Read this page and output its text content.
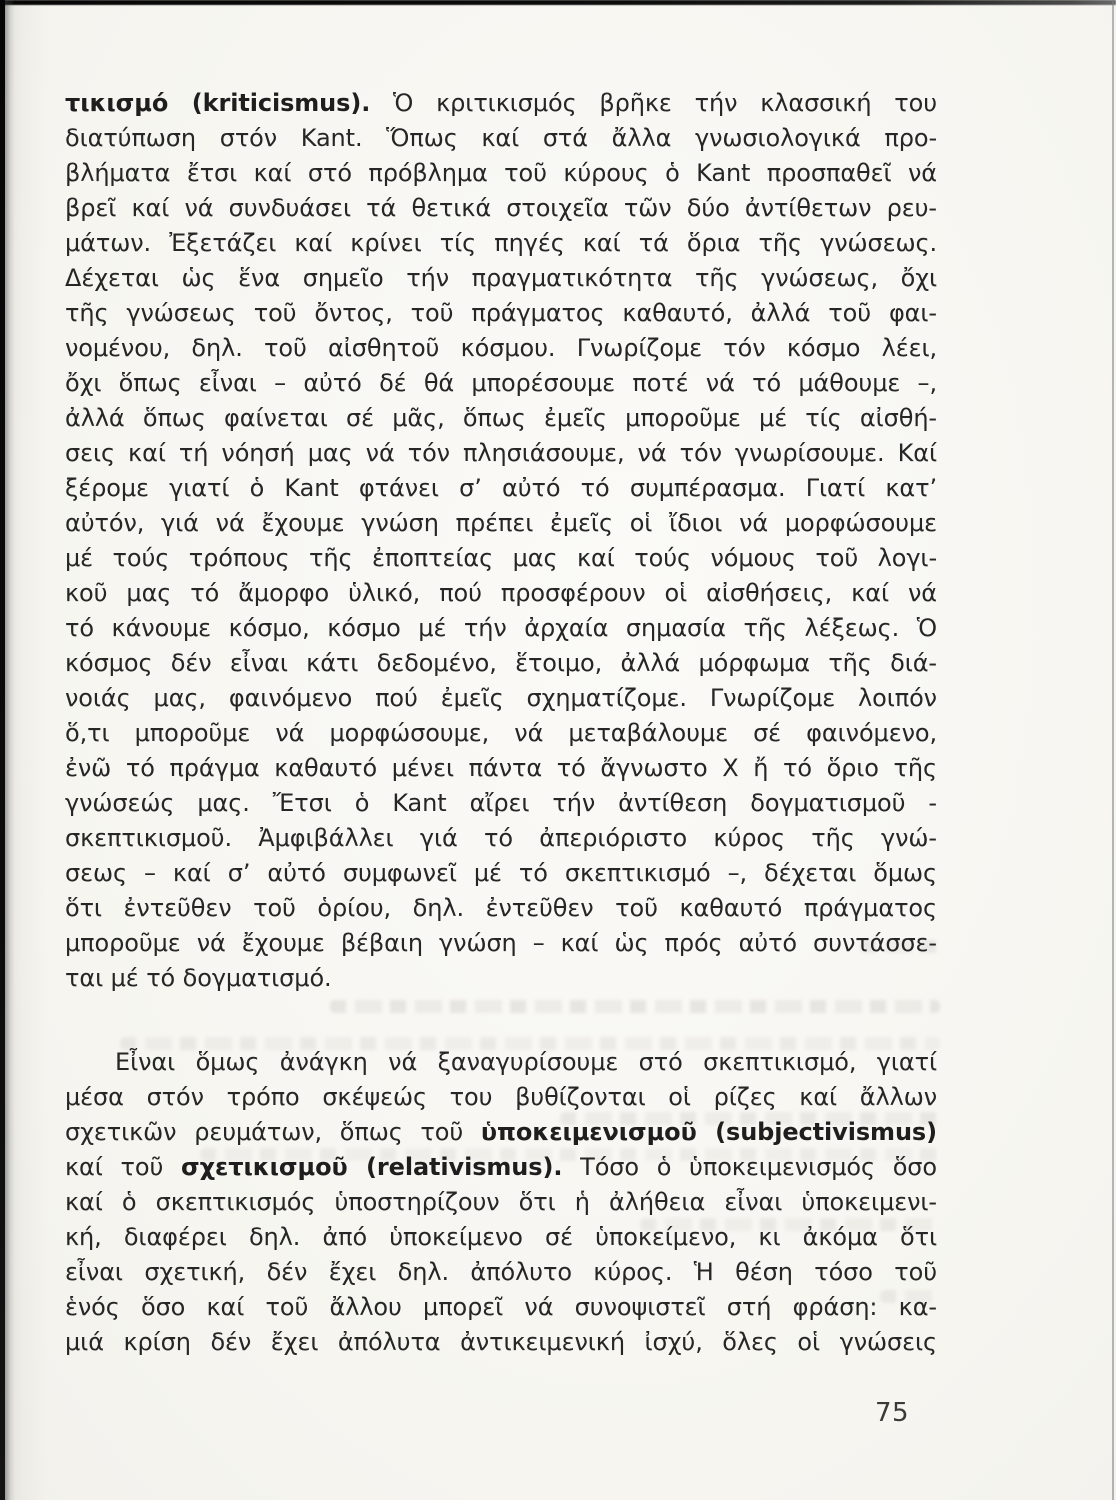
τικισμό (kriticismus). Ὁ κριτικισμός βρῆκε τήν κλασσική του
διατύπωση στόν Kant. Ὅπως καί στά ἄλλα γνωσιολογικά προ-
βλήματα ἔτσι καί στό πρόβλημα τοῦ κύρους ὁ Kant προσπαθεῖ νά
βρεῖ καί νά συνδυάσει τά θετικά στοιχεῖα τῶν δύο ἀντίθετων ρευ-
μάτων. Ἐξετάζει καί κρίνει τίς πηγές καί τά ὅρια τῆς γνώσεως.
Δέχεται ὡς ἕνα σημεῖο τήν πραγματικότητα τῆς γνώσεως, ὄχι
τῆς γνώσεως τοῦ ὄντος, τοῦ πράγματος καθαυτό, ἀλλά τοῦ φαι-
νομένου, δηλ. τοῦ αἰσθητοῦ κόσμου. Γνωρίζομε τόν κόσμο λέει,
ὄχι ὅπως εἶναι – αὐτό δέ θά μπορέσουμε ποτέ νά τό μάθουμε –,
ἀλλά ὅπως φαίνεται σέ μᾶς, ὅπως ἐμεῖς μποροῦμε μέ τίς αἰσθή-
σεις καί τή νόησή μας νά τόν πλησιάσουμε, νά τόν γνωρίσουμε. Καί
ξέρομε γιατί ὁ Kant φτάνει σ’ αὐτό τό συμπέρασμα. Γιατί κατ’
αὐτόν, γιά νά ἔχουμε γνώση πρέπει ἐμεῖς οἱ ἴδιοι νά μορφώσουμε
μέ τούς τρόπους τῆς ἐποπτείας μας καί τούς νόμους τοῦ λογι-
κοῦ μας τό ἄμορφο ὑλικό, πού προσφέρουν οἱ αἰσθήσεις, καί νά
τό κάνουμε κόσμο, κόσμο μέ τήν ἀρχαία σημασία τῆς λέξεως. Ὁ
κόσμος δέν εἶναι κάτι δεδομένο, ἕτοιμο, ἀλλά μόρφωμα τῆς διά-
νοιάς μας, φαινόμενο πού ἐμεῖς σχηματίζομε. Γνωρίζομε λοιπόν
ὅ,τι μποροῦμε νά μορφώσουμε, νά μεταβάλουμε σέ φαινόμενο,
ἐνῶ τό πράγμα καθαυτό μένει πάντα τό ἄγνωστο Χ ἤ τό ὅριο τῆς
γνώσεώς μας. Ἔτσι ὁ Kant αἴρει τήν ἀντίθεση δογματισμοῦ -
σκεπτικισμοῦ. Ἀμφιβάλλει γιά τό ἀπεριόριστο κύρος τῆς γνώ-
σεως – καί σ’ αὐτό συμφωνεῖ μέ τό σκεπτικισμό –, δέχεται ὅμως
ὅτι ἐντεῦθεν τοῦ ὁρίου, δηλ. ἐντεῦθεν τοῦ καθαυτό πράγματος
μποροῦμε νά ἔχουμε βέβαιη γνώση – καί ὡς πρός αὐτό συντάσσε-
ται μέ τό δογματισμό.
Εἶναι ὅμως ἀνάγκη νά ξαναγυρίσουμε στό σκεπτικισμό, γιατί
μέσα στόν τρόπο σκέψεώς του βυθίζονται οἱ ρίζες καί ἄλλων
σχετικῶν ρευμάτων, ὅπως τοῦ ὑποκειμενισμοῦ (subjectivismus)
καί τοῦ σχετικισμοῦ (relativismus). Τόσο ὁ ὑποκειμενισμός ὅσο
καί ὁ σκεπτικισμός ὑποστηρίζουν ὅτι ἡ ἀλήθεια εἶναι ὑποκειμενι-
κή, διαφέρει δηλ. ἀπό ὑποκείμενο σέ ὑποκείμενο, κι ἀκόμα ὅτι
εἶναι σχετική, δέν ἔχει δηλ. ἀπόλυτο κύρος. Ἡ θέση τόσο τοῦ
ἑνός ὅσο καί τοῦ ἄλλου μπορεῖ νά συνοψιστεῖ στή φράση: κα-
μιά κρίση δέν ἔχει ἀπόλυτα ἀντικειμενική ἰσχύ, ὅλες οἱ γνώσεις
75
